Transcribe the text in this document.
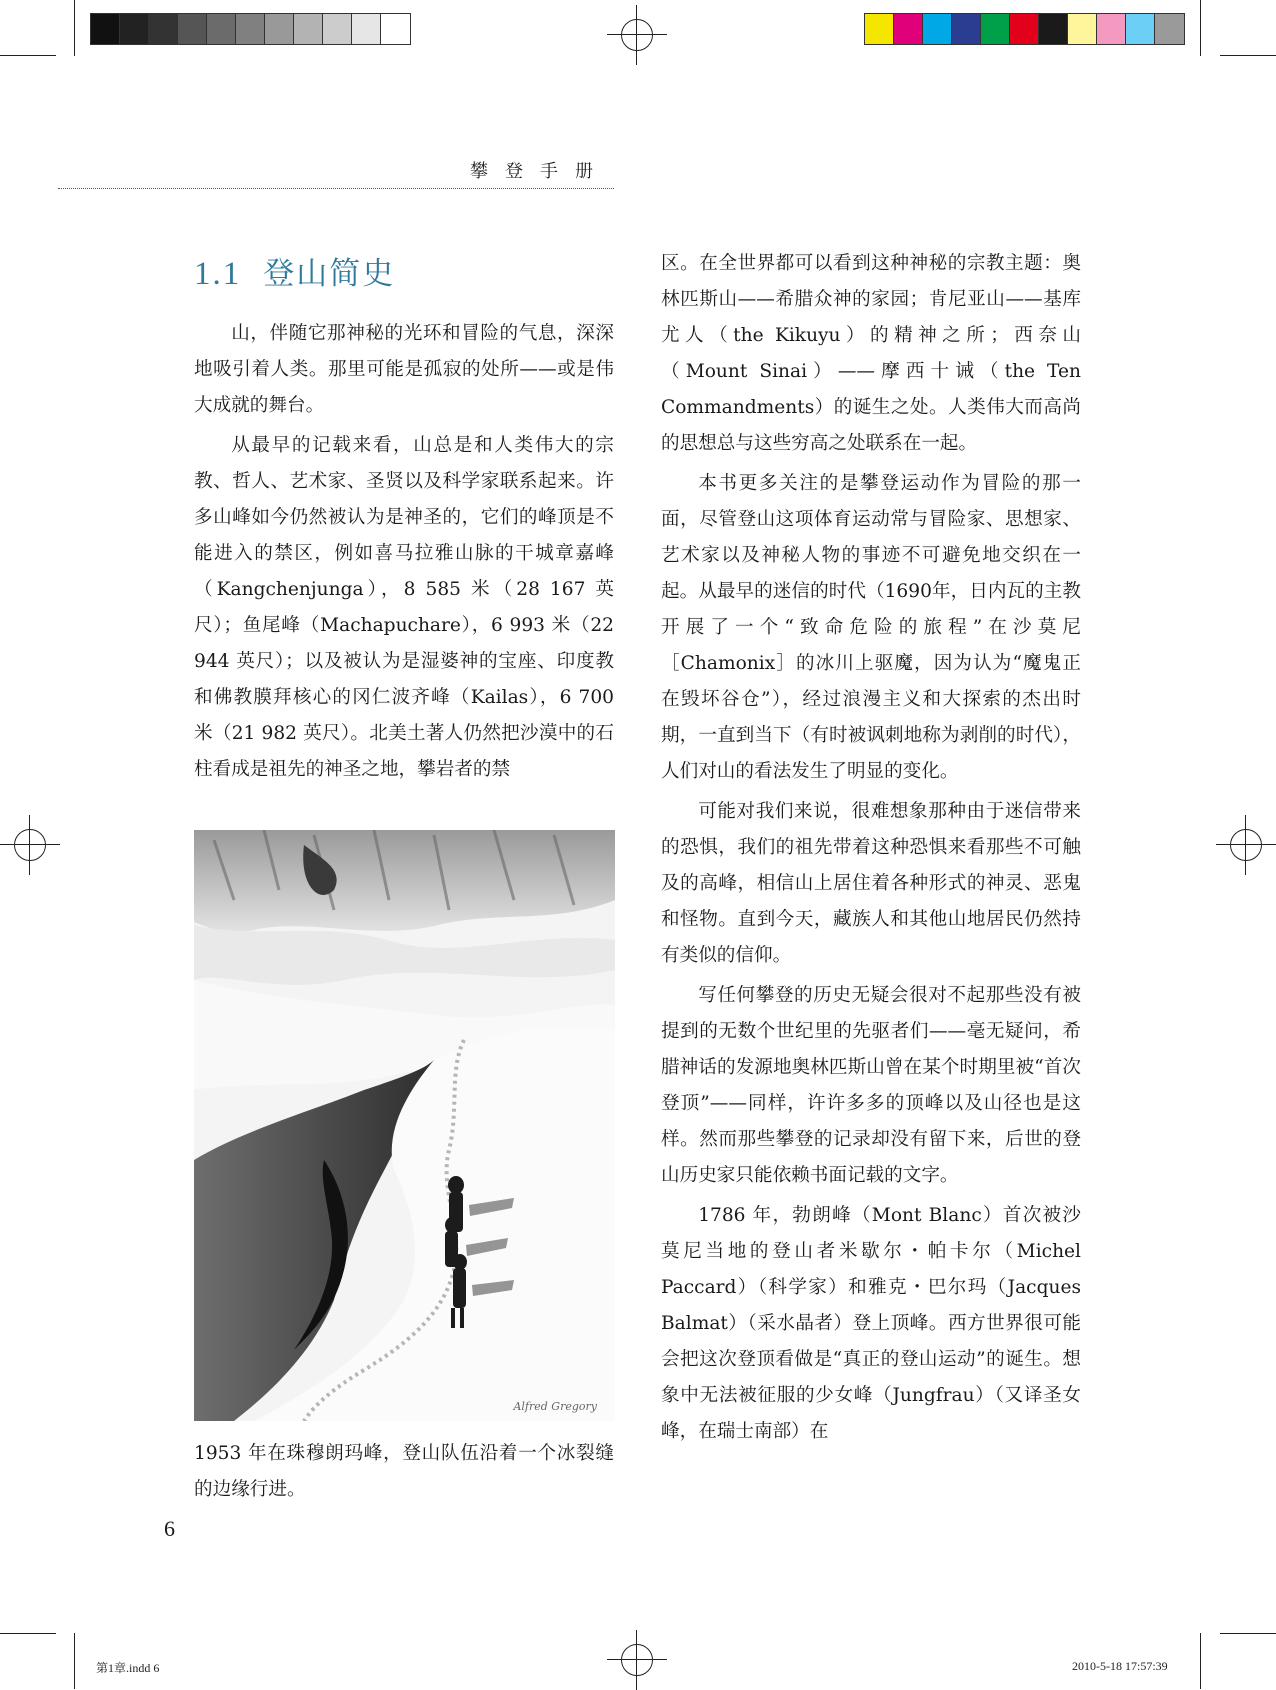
攀登手册
1.1 登山简史

山，伴随它那神秘的光环和冒险的气息，深深地吸引着人类。那里可能是孤寂的处所——或是伟大成就的舞台。

从最早的记载来看，山总是和人类伟大的宗教、哲人、艺术家、圣贤以及科学家联系起来。许多山峰如今仍然被认为是神圣的，它们的峰顶是不能进入的禁区，例如喜马拉雅山脉的干城章嘉峰（Kangchenjunga），8 585 米（28 167 英尺）；鱼尾峰（Machapuchare），6 993 米（22 944 英尺）；以及被认为是湿婆神的宝座、印度教和佛教膜拜核心的冈仁波齐峰（Kailas），6 700 米（21 982 英尺）。北美土著人仍然把沙漠中的石柱看成是祖先的神圣之地，攀岩者的禁

Alfred Gregory
1953 年在珠穆朗玛峰，登山队伍沿着一个冰裂缝的边缘行进。

区。在全世界都可以看到这种神秘的宗教主题：奥林匹斯山——希腊众神的家园；肯尼亚山——基库尤人（the Kikuyu）的精神之所；西奈山（Mount Sinai）——摩西十诫（the Ten Commandments）的诞生之处。人类伟大而高尚的思想总与这些穷高之处联系在一起。

本书更多关注的是攀登运动作为冒险的那一面，尽管登山这项体育运动常与冒险家、思想家、艺术家以及神秘人物的事迹不可避免地交织在一起。从最早的迷信的时代（1690年，日内瓦的主教开展了一个“致命危险的旅程”在沙莫尼［Chamonix］的冰川上驱魔，因为认为“魔鬼正在毁坏谷仓”），经过浪漫主义和大探索的杰出时期，一直到当下（有时被讽刺地称为剥削的时代），人们对山的看法发生了明显的变化。

可能对我们来说，很难想象那种由于迷信带来的恐惧，我们的祖先带着这种恐惧来看那些不可触及的高峰，相信山上居住着各种形式的神灵、恶鬼和怪物。直到今天，藏族人和其他山地居民仍然持有类似的信仰。

写任何攀登的历史无疑会很对不起那些没有被提到的无数个世纪里的先驱者们——毫无疑问，希腊神话的发源地奥林匹斯山曾在某个时期里被“首次登顶”——同样，许许多多的顶峰以及山径也是这样。然而那些攀登的记录却没有留下来，后世的登山历史家只能依赖书面记载的文字。

1786 年，勃朗峰（Mont Blanc）首次被沙莫尼当地的登山者米歇尔・帕卡尔（Michel Paccard）（科学家）和雅克・巴尔玛（Jacques Balmat）（采水晶者）登上顶峰。西方世界很可能会把这次登顶看做是“真正的登山运动”的诞生。想象中无法被征服的少女峰（Jungfrau）（又译圣女峰，在瑞士南部）在

6
第1章.indd 6	2010-5-18 17:57:39
